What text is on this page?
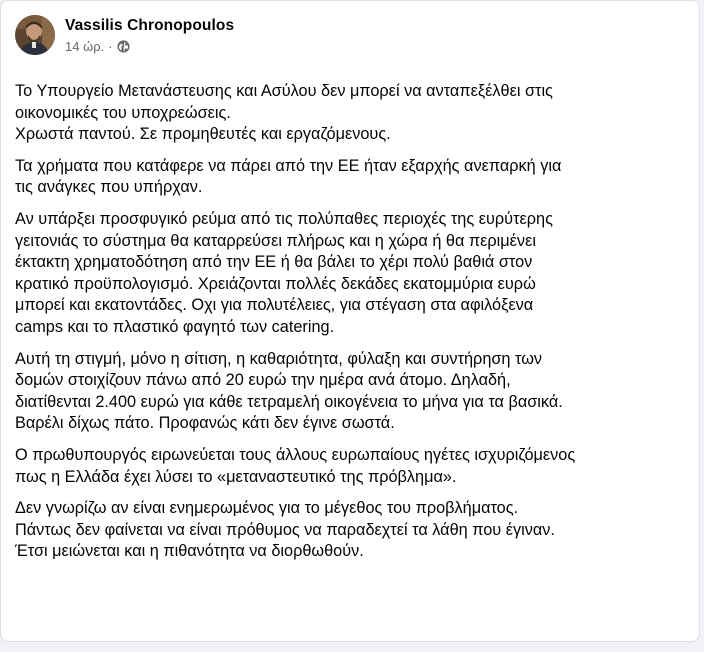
Vassilis Chronopoulos
14 ώρ. ·
Το Υπουργείο Μετανάστευσης και Ασύλου δεν μπορεί να ανταπεξέλθει στις
οικονομικές του υποχρεώσεις.
Χρωστά παντού. Σε προμηθευτές και εργαζόμενους.
Τα χρήματα που κατάφερε να πάρει από την ΕΕ ήταν εξαρχής ανεπαρκή για
τις ανάγκες που υπήρχαν.
Αν υπάρξει προσφυγικό ρεύμα από τις πολύπαθες περιοχές της ευρύτερης
γειτονιάς το σύστημα θα καταρρεύσει πλήρως και η χώρα ή θα περιμένει
έκτακτη χρηματοδότηση από την ΕΕ ή θα βάλει το χέρι πολύ βαθιά στον
κρατικό προϋπολογισμό. Χρειάζονται πολλές δεκάδες εκατομμύρια ευρώ
μπορεί και εκατοντάδες. Οχι για πολυτέλειες, για στέγαση στα αφιλόξενα
camps και το πλαστικό φαγητό των catering.
Αυτή τη στιγμή, μόνο η σίτιση, η καθαριότητα, φύλαξη και συντήρηση των
δομών στοιχίζουν πάνω από 20 ευρώ την ημέρα ανά άτομο. Δηλαδή,
διατίθενται 2.400 ευρώ για κάθε τετραμελή οικογένεια το μήνα για τα βασικά.
Βαρέλι δίχως πάτο. Προφανώς κάτι δεν έγινε σωστά.
Ο πρωθυπουργός ειρωνεύεται τους άλλους ευρωπαίους ηγέτες ισχυριζόμενος
πως η Ελλάδα έχει λύσει το «μεταναστευτικό της πρόβλημα».
Δεν γνωρίζω αν είναι ενημερωμένος για το μέγεθος του προβλήματος.
Πάντως δεν φαίνεται να είναι πρόθυμος να παραδεχτεί τα λάθη που έγιναν.
Έτσι μειώνεται και η πιθανότητα να διορθωθούν.
